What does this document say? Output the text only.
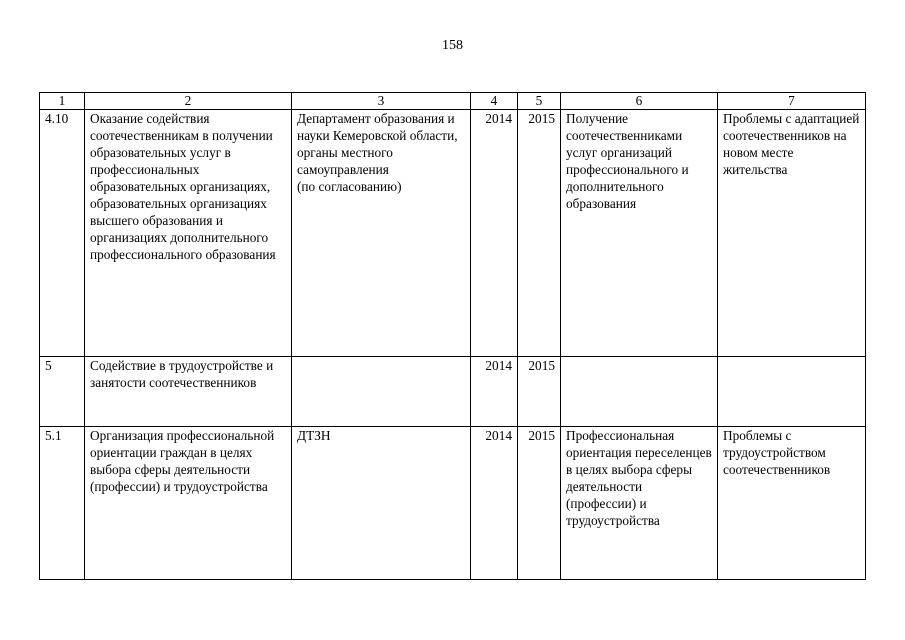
158
1	2	3	4	5	6	7
4.10	Оказание содействия соотечественникам в получении образовательных услуг в профессиональных образовательных организациях, образовательных организациях высшего образования и организациях дополнительного профессионального образования	Департамент образования и науки Кемеровской области, органы местного самоуправления
(по согласованию)	2014	2015	Получение соотечественниками услуг организаций профессионального и дополнительного образования	Проблемы с адаптацией соотечественников на новом месте жительства
5	Содействие в трудоустройстве и занятости соотечественников		2014	2015		
5.1	Организация профессиональной ориентации граждан в целях выбора сферы деятельности (профессии) и трудоустройства	ДТЗН	2014	2015	Профессиональная ориентация переселенцев в целях выбора сферы деятельности (профессии) и трудоустройства	Проблемы с трудоустройством соотечественников
